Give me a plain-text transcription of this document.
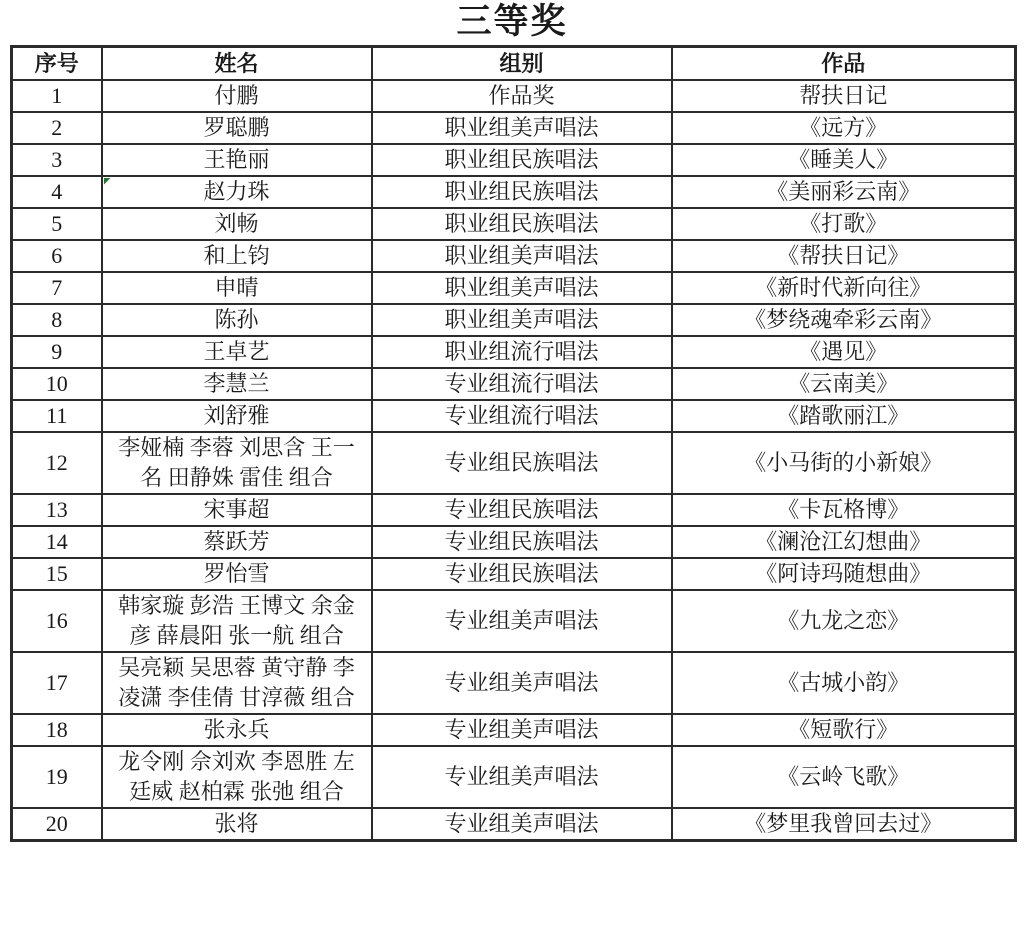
三等奖
序号	姓名	组别	作品
1	付鹏	作品奖	帮扶日记
2	罗聪鹏	职业组美声唱法	《远方》
3	王艳丽	职业组民族唱法	《睡美人》
4	赵力珠	职业组民族唱法	《美丽彩云南》
5	刘畅	职业组民族唱法	《打歌》
6	和上钧	职业组美声唱法	《帮扶日记》
7	申晴	职业组美声唱法	《新时代新向往》
8	陈孙	职业组美声唱法	《梦绕魂牵彩云南》
9	王卓艺	职业组流行唱法	《遇见》
10	李慧兰	专业组流行唱法	《云南美》
11	刘舒雅	专业组流行唱法	《踏歌丽江》
12	李娅楠 李蓉 刘思含 王一名 田静姝 雷佳 组合	专业组民族唱法	《小马街的小新娘》
13	宋事超	专业组民族唱法	《卡瓦格博》
14	蔡跃芳	专业组民族唱法	《澜沧江幻想曲》
15	罗怡雪	专业组民族唱法	《阿诗玛随想曲》
16	韩家璇 彭浩 王博文 余金彦 薛晨阳 张一航 组合	专业组美声唱法	《九龙之恋》
17	吴亮颖 吴思蓉 黄守静 李凌潇 李佳倩 甘淳薇 组合	专业组美声唱法	《古城小韵》
18	张永兵	专业组美声唱法	《短歌行》
19	龙令刚 佘刘欢 李恩胜 左廷威 赵柏霖 张弛 组合	专业组美声唱法	《云岭飞歌》
20	张将	专业组美声唱法	《梦里我曾回去过》
